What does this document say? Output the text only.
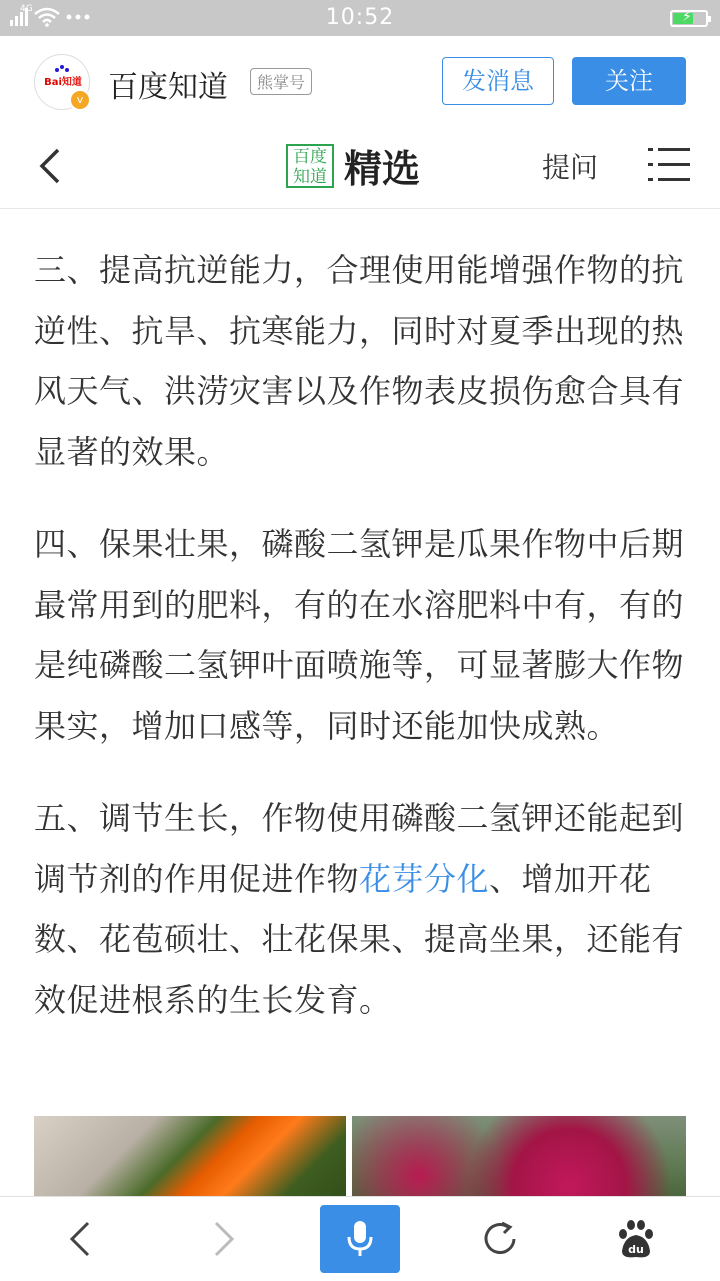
4G	10:52	⚡
Bai知道
v 百度知道	熊掌号	发消息	关注
百度
知道 精选	提问

三、提高抗逆能力，合理使用能增强作物的抗逆性、抗旱、抗寒能力，同时对夏季出现的热风天气、洪涝灾害以及作物表皮损伤愈合具有显著的效果。

四、保果壮果，磷酸二氢钾是瓜果作物中后期最常用到的肥料，有的在水溶肥料中有，有的是纯磷酸二氢钾叶面喷施等，可显著膨大作物果实，增加口感等，同时还能加快成熟。

五、调节生长，作物使用磷酸二氢钾还能起到调节剂的作用促进作物花芽分化、增加开花数、花苞硕壮、壮花保果、提高坐果，还能有效促进根系的生长发育。

du
